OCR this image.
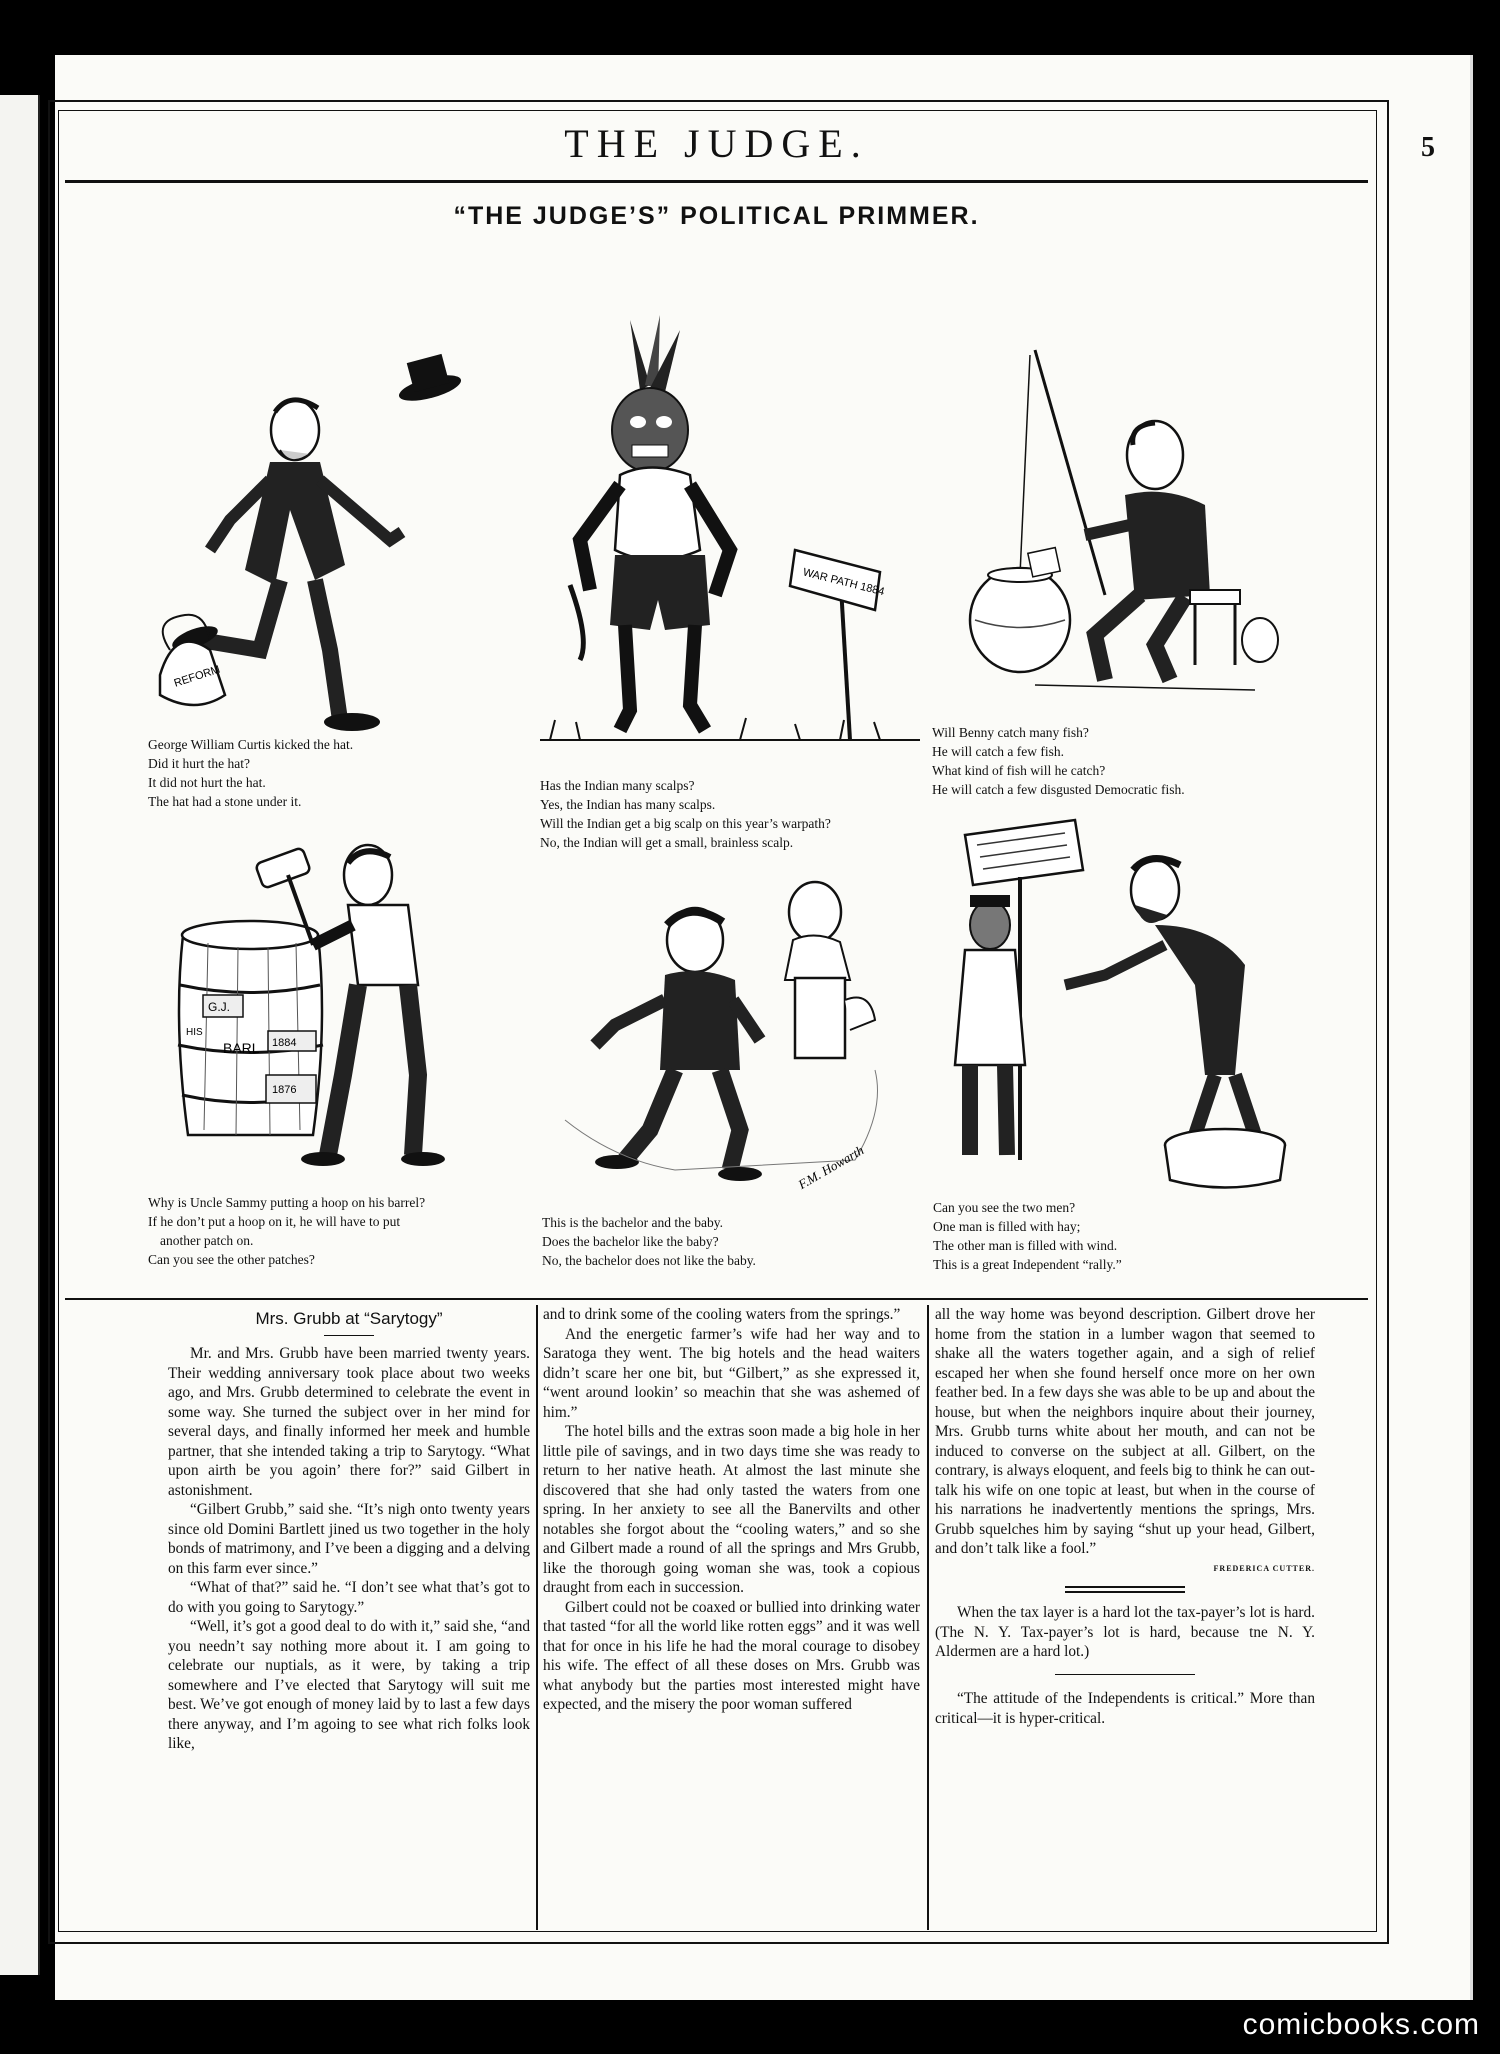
THE JUDGE.	5
“THE JUDGE’S” POLITICAL PRIMMER.
REFORM
George William Curtis kicked the hat.
Did it hurt the hat?
It did not hurt the hat.
The hat had a stone under it.
WAR PATH 1884
Has the Indian many scalps?
Yes, the Indian has many scalps.
Will the Indian get a big scalp on this year’s warpath?
No, the Indian will get a small, brainless scalp.
Will Benny catch many fish?
He will catch a few fish.
What kind of fish will he catch?
He will catch a few disgusted Democratic fish.
G.J.
HIS
BARL 1884
1876
Why is Uncle Sammy putting a hoop on his barrel?
If he don’t put a hoop on it, he will have to put
another patch on.
Can you see the other patches?
F.M. Howarth
This is the bachelor and the baby.
Does the bachelor like the baby?
No, the bachelor does not like the baby.
Can you see the two men?
One man is filled with hay;
The other man is filled with wind.
This is a great Independent “rally.”

Mrs. Grubb at “Sarytogy”

Mr. and Mrs. Grubb have been married twenty years. Their wedding anniversary took place about two weeks ago, and Mrs. Grubb determined to celebrate the event in some way. She turned the subject over in her mind for several days, and finally informed her meek and humble partner, that she intended taking a trip to Sarytogy. “What upon airth be you agoin’ there for?” said Gilbert in astonishment.

“Gilbert Grubb,” said she. “It’s nigh onto twenty years since old Domini Bartlett jined us two together in the holy bonds of matrimony, and I’ve been a digging and a delving on this farm ever since.”

“What of that?” said he. “I don’t see what that’s got to do with you going to Sarytogy.”

“Well, it’s got a good deal to do with it,” said she, “and you needn’t say nothing more about it. I am going to celebrate our nuptials, as it were, by taking a trip somewhere and I’ve elected that Sarytogy will suit me best. We’ve got enough of money laid by to last a few days there anyway, and I’m agoing to see what rich folks look like,

and to drink some of the cooling waters from the springs.”

And the energetic farmer’s wife had her way and to Saratoga they went. The big hotels and the head waiters didn’t scare her one bit, but “Gilbert,” as she expressed it, “went around lookin’ so meachin that she was ashemed of him.”

The hotel bills and the extras soon made a big hole in her little pile of savings, and in two days time she was ready to return to her native heath. At almost the last minute she discovered that she had only tasted the waters from one spring. In her anxiety to see all the Banervilts and other notables she forgot about the “cooling waters,” and so she and Gilbert made a round of all the springs and Mrs Grubb, like the thorough going woman she was, took a copious draught from each in succession.

Gilbert could not be coaxed or bullied into drinking water that tasted “for all the world like rotten eggs” and it was well that for once in his life he had the moral courage to disobey his wife. The effect of all these doses on Mrs. Grubb was what anybody but the parties most interested might have expected, and the misery the poor woman suffered

all the way home was beyond description. Gilbert drove her home from the station in a lumber wagon that seemed to shake all the waters together again, and a sigh of relief escaped her when she found herself once more on her own feather bed. In a few days she was able to be up and about the house, but when the neighbors inquire about their journey, Mrs. Grubb turns white about her mouth, and can not be induced to converse on the subject at all. Gilbert, on the contrary, is always eloquent, and feels big to think he can out-talk his wife on one topic at least, but when in the course of his narrations he inadvertently mentions the springs, Mrs. Grubb squelches him by saying “shut up your head, Gilbert, and don’t talk like a fool.”

FREDERICA CUTTER.

When the tax layer is a hard lot the tax-payer’s lot is hard. (The N. Y. Tax-payer’s lot is hard, because tne N. Y. Aldermen are a hard lot.)

“The attitude of the Independents is critical.” More than critical—it is hyper-critical.

comicbooks.com
